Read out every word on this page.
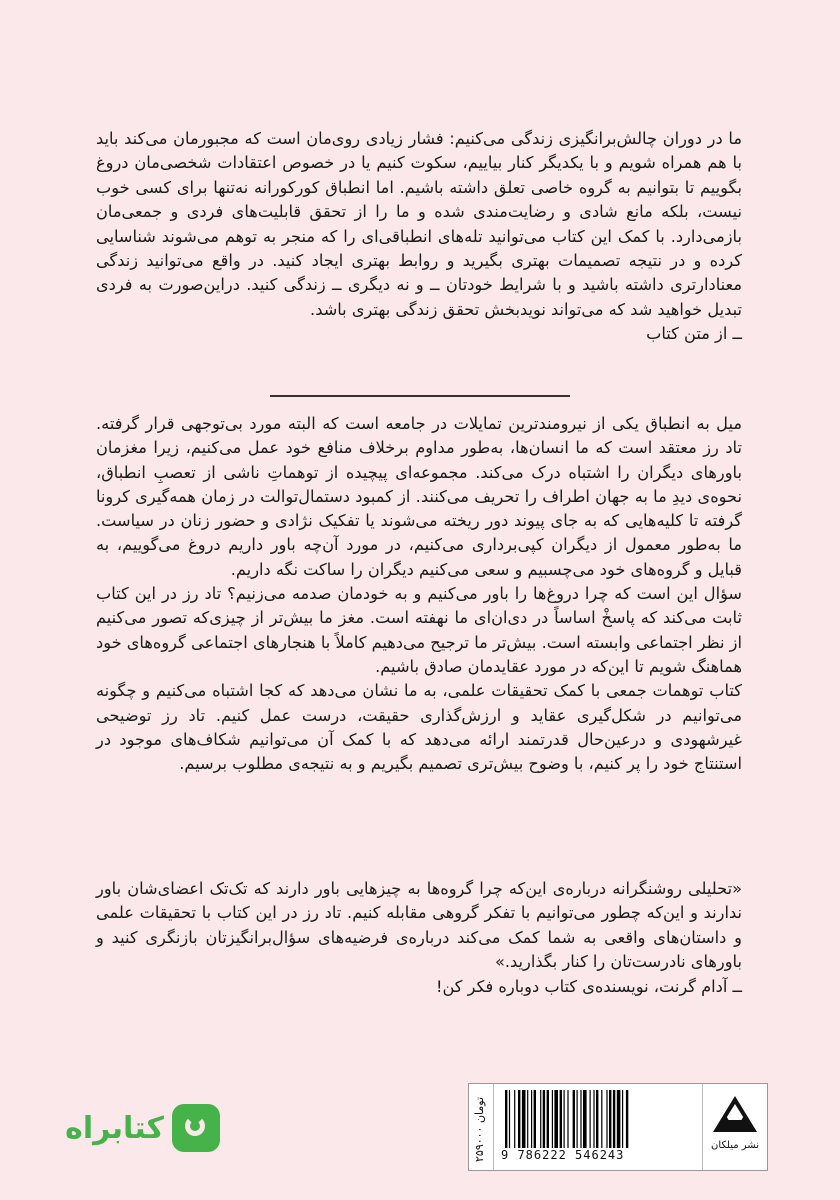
ما در دوران چالش‌برانگیزی زندگی می‌کنیم: فشار زیادی روی‌مان است که مجبورمان می‌کند باید با هم همراه شویم و با یکدیگر کنار بیاییم، سکوت کنیم یا در خصوص اعتقادات شخصی‌مان دروغ بگوییم تا بتوانیم به گروه خاصی تعلق داشته باشیم. اما انطباق کورکورانه نه‌تنها برای کسی خوب نیست، بلکه مانع شادی و رضایت‌مندی شده و ما را از تحقق قابلیت‌های فردی و جمعی‌مان بازمی‌دارد. با کمک این کتاب می‌توانید تله‌های انطباقی‌ای را که منجر به توهم می‌شوند شناسایی کرده و در نتیجه تصمیمات بهتری بگیرید و روابط بهتری ایجاد کنید. در واقع می‌توانید زندگی معنادارتری داشته باشید و با شرایط خودتان ــ و نه دیگری ــ زندگی کنید. دراین‌صورت به فردی تبدیل خواهید شد که می‌تواند نویدبخش تحقق زندگی بهتری باشد.

ــ از متن کتاب

میل به انطباق یکی از نیرومندترین تمایلات در جامعه است که البته مورد بی‌توجهی قرار گرفته. تاد رز معتقد است که ما انسان‌ها، به‌طور مداوم برخلاف منافع خود عمل می‌کنیم، زیرا مغزمان باورهای دیگران را اشتباه درک می‌کند. مجموعه‌ای پیچیده از توهماتِ ناشی از تعصبِ انطباق، نحوه‌ی دیدِ ما به جهان اطراف را تحریف می‌کنند. از کمبود دستمال‌توالت در زمان همه‌گیری کرونا گرفته تا کلیه‌هایی که به جای پیوند دور ریخته می‌شوند یا تفکیک نژادی و حضور زنان در سیاست. ما به‌طور معمول از دیگران کپی‌برداری می‌کنیم، در مورد آن‌چه باور داریم دروغ می‌گوییم، به قبایل و گروه‌های خود می‌چسبیم و سعی می‌کنیم دیگران را ساکت نگه داریم.

سؤال این است که چرا دروغ‌ها را باور می‌کنیم و به خودمان صدمه می‌زنیم؟ تاد رز در این کتاب ثابت می‌کند که پاسخْ اساساً در دی‌ان‌ای ما نهفته است. مغز ما بیش‌تر از چیزی‌که تصور می‌کنیم از نظر اجتماعی وابسته است. بیش‌تر ما ترجیح می‌دهیم کاملاً با هنجارهای اجتماعی گروه‌های خود هماهنگ شویم تا این‌که در مورد عقایدمان صادق باشیم.

کتاب توهمات جمعی با کمک تحقیقات علمی، به ما نشان می‌دهد که کجا اشتباه می‌کنیم و چگونه می‌توانیم در شکل‌گیری عقاید و ارزش‌گذاری حقیقت، درست عمل کنیم. تاد رز توضیحی غیرشهودی و درعین‌حال قدرتمند ارائه می‌دهد که با کمک آن می‌توانیم شکاف‌های موجود در استنتاج خود را پر کنیم، با وضوح بیش‌تری تصمیم بگیریم و به نتیجه‌ی مطلوب برسیم.

«تحلیلی روشنگرانه درباره‌ی این‌که چرا گروه‌ها به چیزهایی باور دارند که تک‌تک اعضای‌شان باور ندارند و این‌که چطور می‌توانیم با تفکر گروهی مقابله کنیم. تاد رز در این کتاب با تحقیقات علمی و داستان‌های واقعی به شما کمک می‌کند درباره‌ی فرضیه‌های سؤال‌برانگیزتان بازنگری کنید و باورهای نادرست‌تان را کنار بگذارید.»

ــ آدام گرنت، نویسنده‌ی کتاب دوباره فکر کن!

کتابراه	۲۵۹۰۰۰ تومان
9 786222 546243
نشر میلکان
